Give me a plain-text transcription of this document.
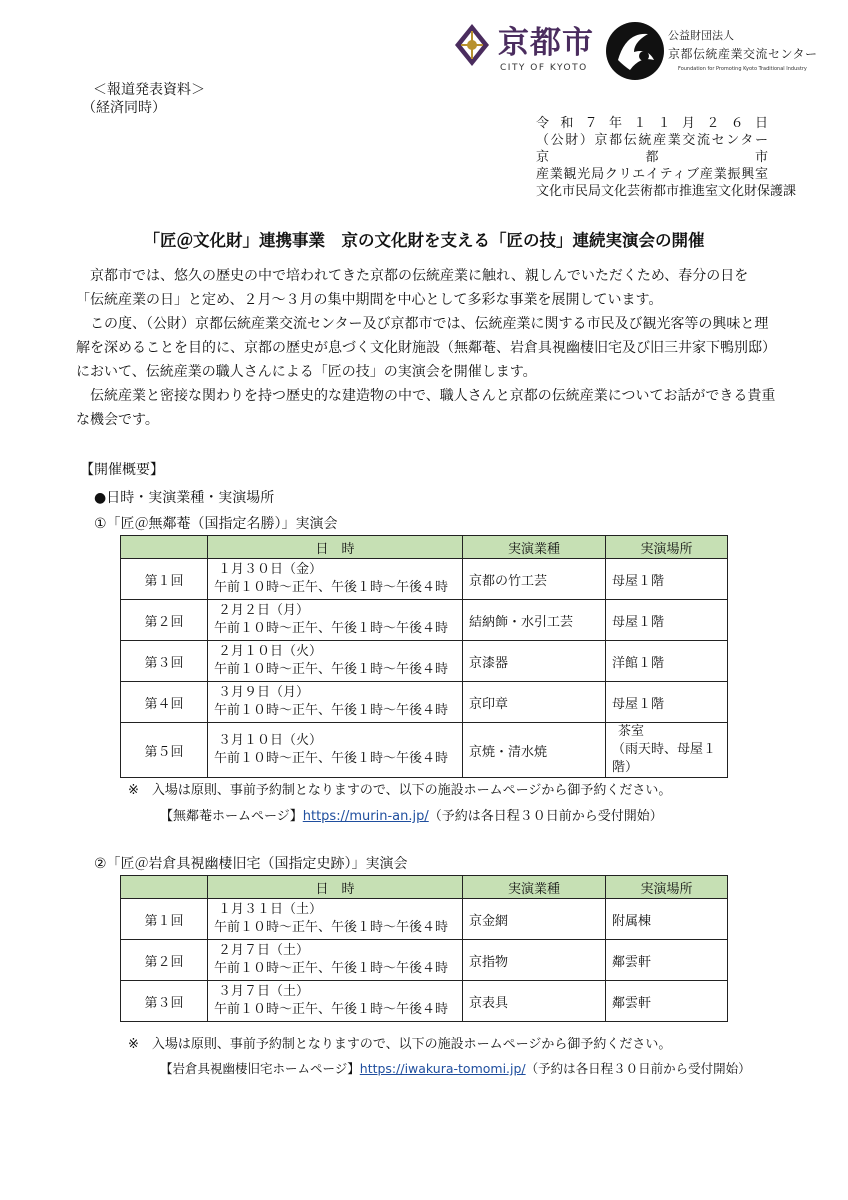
京都市
CITY OF KYOTO
公益財団法人
京都伝統産業交流センター
Foundation for Promoting Kyoto Traditional Industry
＜報道発表資料＞
（経済同時）
令和７年１１月２６日
（公財）京都伝統産業交流センター
京　都　市
産業観光局クリエイティブ産業振興室
文化市民局文化芸術都市推進室文化財保護課
「匠＠文化財」連携事業　京の文化財を支える「匠の技」連続実演会の開催

京都市では、悠久の歴史の中で培われてきた京都の伝統産業に触れ、親しんでいただくため、春分の日を「伝統産業の日」と定め、２月～３月の集中期間を中心として多彩な事業を展開しています。

この度、（公財）京都伝統産業交流センター及び京都市では、伝統産業に関する市民及び観光客等の興味と理解を深めることを目的に、京都の歴史が息づく文化財施設（無鄰菴、岩倉具視幽棲旧宅及び旧三井家下鴨別邸）において、伝統産業の職人さんによる「匠の技」の実演会を開催します。

伝統産業と密接な関わりを持つ歴史的な建造物の中で、職人さんと京都の伝統産業についてお話ができる貴重な機会です。

【開催概要】
●日時・実演業種・実演場所
①「匠＠無鄰菴（国指定名勝）」実演会
	日　時	実演業種	実演場所
第１回	１月３０日（金）
午前１０時～正午、午後１時～午後４時	京都の竹工芸	母屋１階
第２回	２月２日（月）
午前１０時～正午、午後１時～午後４時	結納飾・水引工芸	母屋１階
第３回	２月１０日（火）
午前１０時～正午、午後１時～午後４時	京漆器	洋館１階
第４回	３月９日（月）
午前１０時～正午、午後１時～午後４時	京印章	母屋１階
第５回	３月１０日（火）
午前１０時～正午、午後１時～午後４時	京焼・清水焼	茶室
（雨天時、母屋１階）
※　入場は原則、事前予約制となりますので、以下の施設ホームページから御予約ください。
【無鄰菴ホームページ】https://murin-an.jp/（予約は各日程３０日前から受付開始）
②「匠＠岩倉具視幽棲旧宅（国指定史跡）」実演会
	日　時	実演業種	実演場所
第１回	１月３１日（土）
午前１０時～正午、午後１時～午後４時	京金網	附属棟
第２回	２月７日（土）
午前１０時～正午、午後１時～午後４時	京指物	鄰雲軒
第３回	３月７日（土）
午前１０時～正午、午後１時～午後４時	京表具	鄰雲軒
※　入場は原則、事前予約制となりますので、以下の施設ホームページから御予約ください。
【岩倉具視幽棲旧宅ホームページ】https://iwakura-tomomi.jp/（予約は各日程３０日前から受付開始）
